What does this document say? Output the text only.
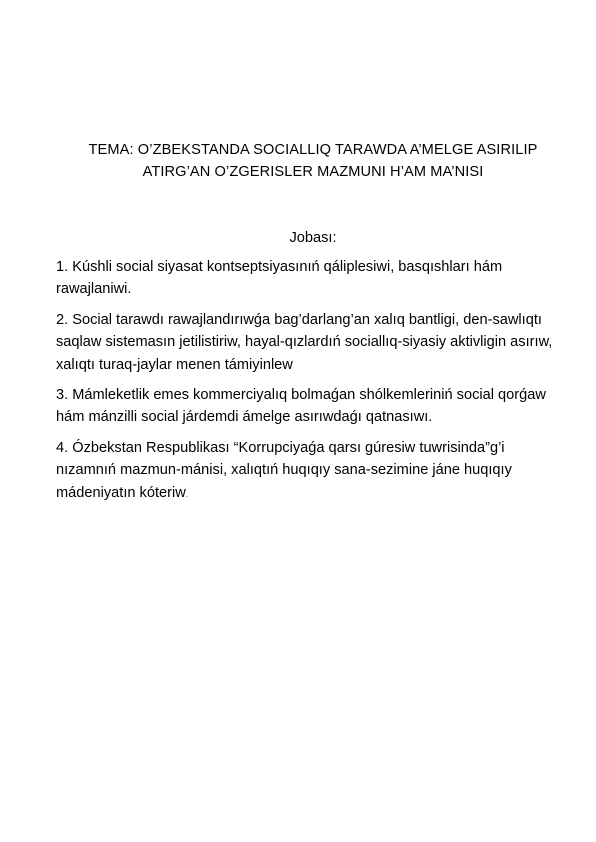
TEMA: O’ZBEKSTANDA SOCIALLIQ TARAWDA A’MELGE ASIRILIP
ATIRG’AN O’ZGERISLER MAZMUNI H’AM MA’NISI
Jobası:
1. Kúshli social siyasat kontseptsiyasınıń qáliplesiwi, basqıshları hám rawajlaniwi.
2. Social tarawdı rawajlandırıwǵa bag’darlang’an xalıq bantligi, den-sawlıqtı saqlaw sistemasın jetilistiriw, hayal-qızlardıń sociallıq-siyasiy aktivligin asırıw, xalıqtı turaq-jaylar menen támiyinlew
3. Mámleketlik emes kommerciyalıq bolmaǵan shólkemleriniń social qorǵaw hám mánzilli social járdemdi ámelge asırıwdaǵı qatnasıwı.
4. Ózbekstan Respublikası “Korrupciyaǵa qarsı gúresiw tuwrisinda”g’i nızamnıń mazmun-mánisi, xalıqtıń huqıqıy sana-sezimine jáne huqıqıy mádeniyatın kóteriw.
